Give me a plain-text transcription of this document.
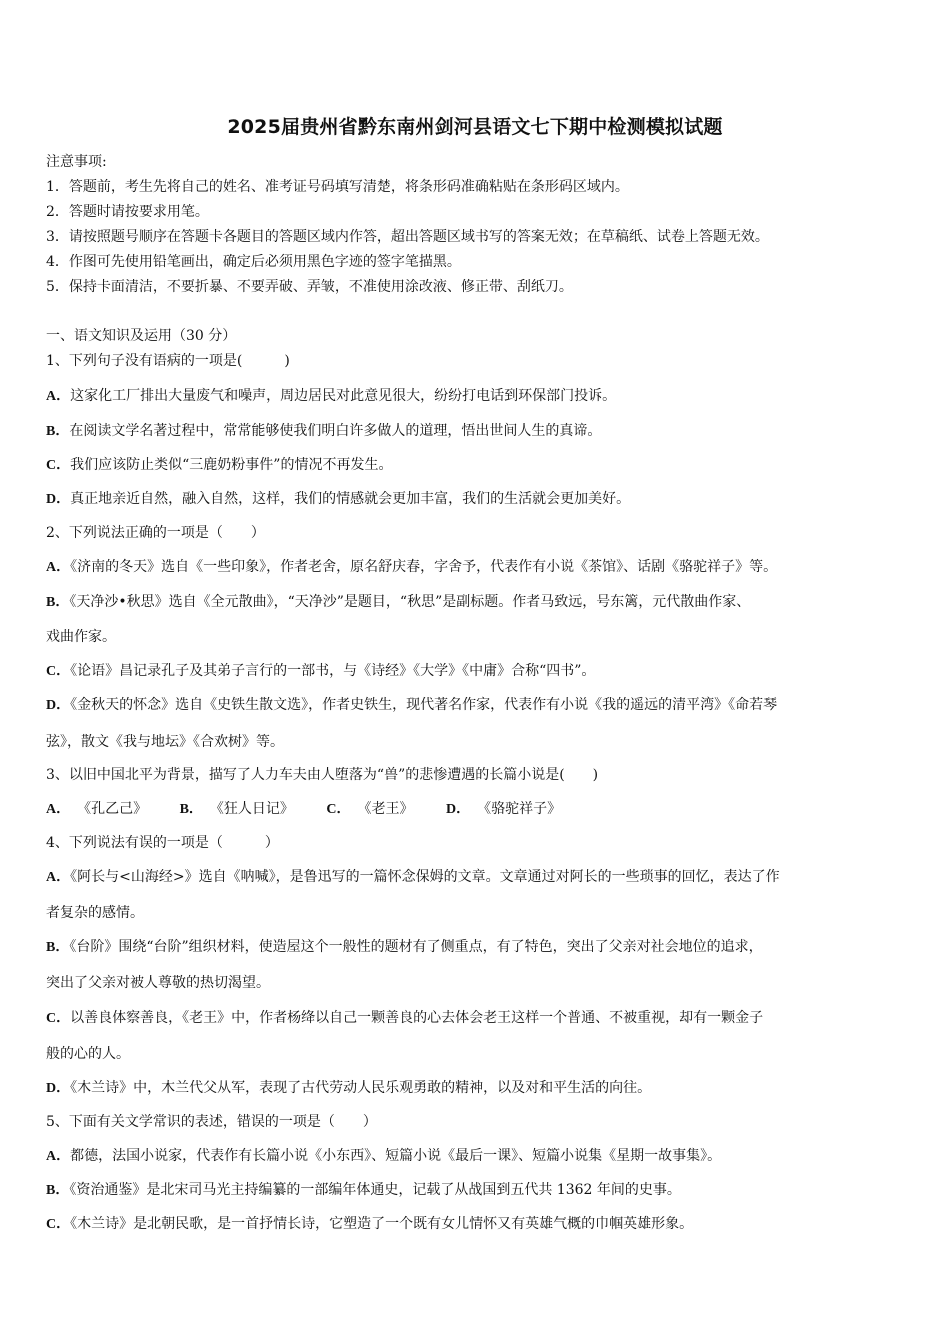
2025届贵州省黔东南州剑河县语文七下期中检测模拟试题
注意事项:
1．答题前，考生先将自己的姓名、准考证号码填写清楚，将条形码准确粘贴在条形码区域内。
2．答题时请按要求用笔。
3．请按照题号顺序在答题卡各题目的答题区域内作答，超出答题区域书写的答案无效；在草稿纸、试卷上答题无效。
4．作图可先使用铅笔画出，确定后必须用黑色字迹的签字笔描黑。
5．保持卡面清洁，不要折暴、不要弄破、弄皱，不准使用涂改液、修正带、刮纸刀。
一、语文知识及运用（30 分）
1、下列句子没有语病的一项是(　　　)
A．这家化工厂排出大量废气和噪声，周边居民对此意见很大，纷纷打电话到环保部门投诉。
B．在阅读文学名著过程中，常常能够使我们明白许多做人的道理，悟出世间人生的真谛。
C．我们应该防止类似“三鹿奶粉事件”的情况不再发生。
D．真正地亲近自然，融入自然，这样，我们的情感就会更加丰富，我们的生活就会更加美好。
2、下列说法正确的一项是（　　）
A．《济南的冬天》选自《一些印象》，作者老舍，原名舒庆春，字舍予，代表作有小说《茶馆》、话剧《骆驼祥子》等。
B．《天净沙•秋思》选自《全元散曲》，“天净沙”是题目，“秋思”是副标题。作者马致远，号东篱，元代散曲作家、
戏曲作家。
C．《论语》昌记录孔子及其弟子言行的一部书，与《诗经》《大学》《中庸》合称“四书”。
D．《金秋天的怀念》选自《史铁生散文选》，作者史铁生，现代著名作家，代表作有小说《我的遥远的清平湾》《命若琴
弦》，散文《我与地坛》《合欢树》等。
3、以旧中国北平为背景，描写了人力车夫由人堕落为“兽”的悲惨遭遇的长篇小说是(　　)
A． 《孔乙己》 B． 《狂人日记》 C． 《老王》 D． 《骆驼祥子》
4、下列说法有误的一项是（　　　）
A．《阿长与<山海经>》选自《呐喊》，是鲁迅写的一篇怀念保姆的文章。文章通过对阿长的一些琐事的回忆，表达了作
者复杂的感情。
B．《台阶》围绕“台阶”组织材料，使造屋这个一般性的题材有了侧重点，有了特色，突出了父亲对社会地位的追求，
突出了父亲对被人尊敬的热切渴望。
C．以善良体察善良，《老王》中，作者杨绛以自己一颗善良的心去体会老王这样一个普通、不被重视，却有一颗金子
般的心的人。
D．《木兰诗》中，木兰代父从军，表现了古代劳动人民乐观勇敢的精神，以及对和平生活的向往。
5、下面有关文学常识的表述，错误的一项是（　　）
A．都德，法国小说家，代表作有长篇小说《小东西》、短篇小说《最后一课》、短篇小说集《星期一故事集》。
B．《资治通鉴》是北宋司马光主持编纂的一部编年体通史，记载了从战国到五代共 1362 年间的史事。
C．《木兰诗》是北朝民歌，是一首抒情长诗，它塑造了一个既有女儿情怀又有英雄气概的巾帼英雄形象。
